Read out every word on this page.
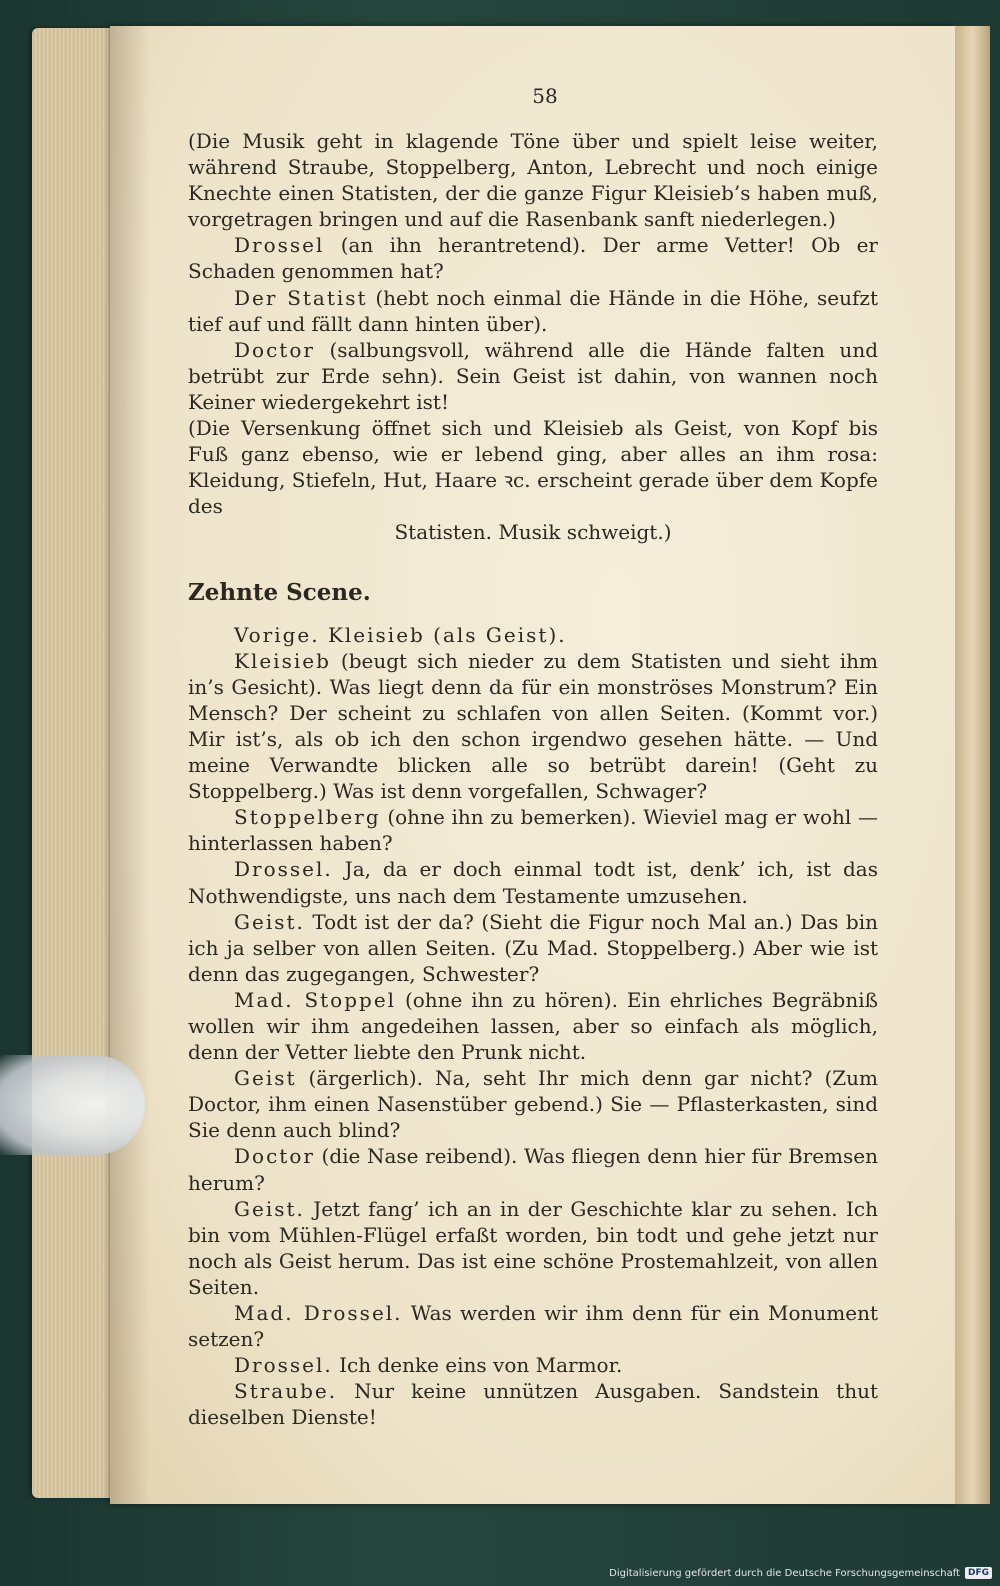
58

(Die Musik geht in klagende Töne über und spielt leise weiter, während Straube, Stoppelberg, Anton, Lebrecht und noch einige Knechte einen Statisten, der die ganze Figur Kleisieb’s haben muß, vorgetragen bringen und auf die Rasenbank sanft niederlegen.)

Drossel (an ihn herantretend). Der arme Vetter! Ob er Schaden genommen hat?

Der Statist (hebt noch einmal die Hände in die Höhe, seufzt tief auf und fällt dann hinten über).

Doctor (salbungsvoll, während alle die Hände falten und betrübt zur Erde sehn). Sein Geist ist dahin, von wannen noch Keiner wiedergekehrt ist!

(Die Versenkung öffnet sich und Kleisieb als Geist, von Kopf bis Fuß ganz ebenso, wie er lebend ging, aber alles an ihm rosa: Kleidung, Stiefeln, Hut, Haare ꝛc. erscheint gerade über dem Kopfe des

Statisten. Musik schweigt.)

Zehnte Scene.

Vorige. Kleisieb (als Geist).

Kleisieb (beugt sich nieder zu dem Statisten und sieht ihm in’s Gesicht). Was liegt denn da für ein monströses Monstrum? Ein Mensch? Der scheint zu schlafen von allen Seiten. (Kommt vor.) Mir ist’s, als ob ich den schon irgendwo gesehen hätte. — Und meine Verwandte blicken alle so betrübt darein! (Geht zu Stoppelberg.) Was ist denn vorgefallen, Schwager?

Stoppelberg (ohne ihn zu bemerken). Wieviel mag er wohl — hinterlassen haben?

Drossel. Ja, da er doch einmal todt ist, denk’ ich, ist das Nothwendigste, uns nach dem Testamente umzusehen.

Geist. Todt ist der da? (Sieht die Figur noch Mal an.) Das bin ich ja selber von allen Seiten. (Zu Mad. Stoppelberg.) Aber wie ist denn das zugegangen, Schwester?

Mad. Stoppel (ohne ihn zu hören). Ein ehrliches Begräbniß wollen wir ihm angedeihen lassen, aber so einfach als möglich, denn der Vetter liebte den Prunk nicht.

Geist (ärgerlich). Na, seht Ihr mich denn gar nicht? (Zum Doctor, ihm einen Nasenstüber gebend.) Sie — Pflasterkasten, sind Sie denn auch blind?

Doctor (die Nase reibend). Was fliegen denn hier für Bremsen herum?

Geist. Jetzt fang’ ich an in der Geschichte klar zu sehen. Ich bin vom Mühlen-Flügel erfaßt worden, bin todt und gehe jetzt nur noch als Geist herum. Das ist eine schöne Prostemahlzeit, von allen Seiten.

Mad. Drossel. Was werden wir ihm denn für ein Monument setzen?

Drossel. Ich denke eins von Marmor.

Straube. Nur keine unnützen Ausgaben. Sandstein thut dieselben Dienste!

Digitalisierung gefördert durch die Deutsche Forschungsgemeinschaft DFG
